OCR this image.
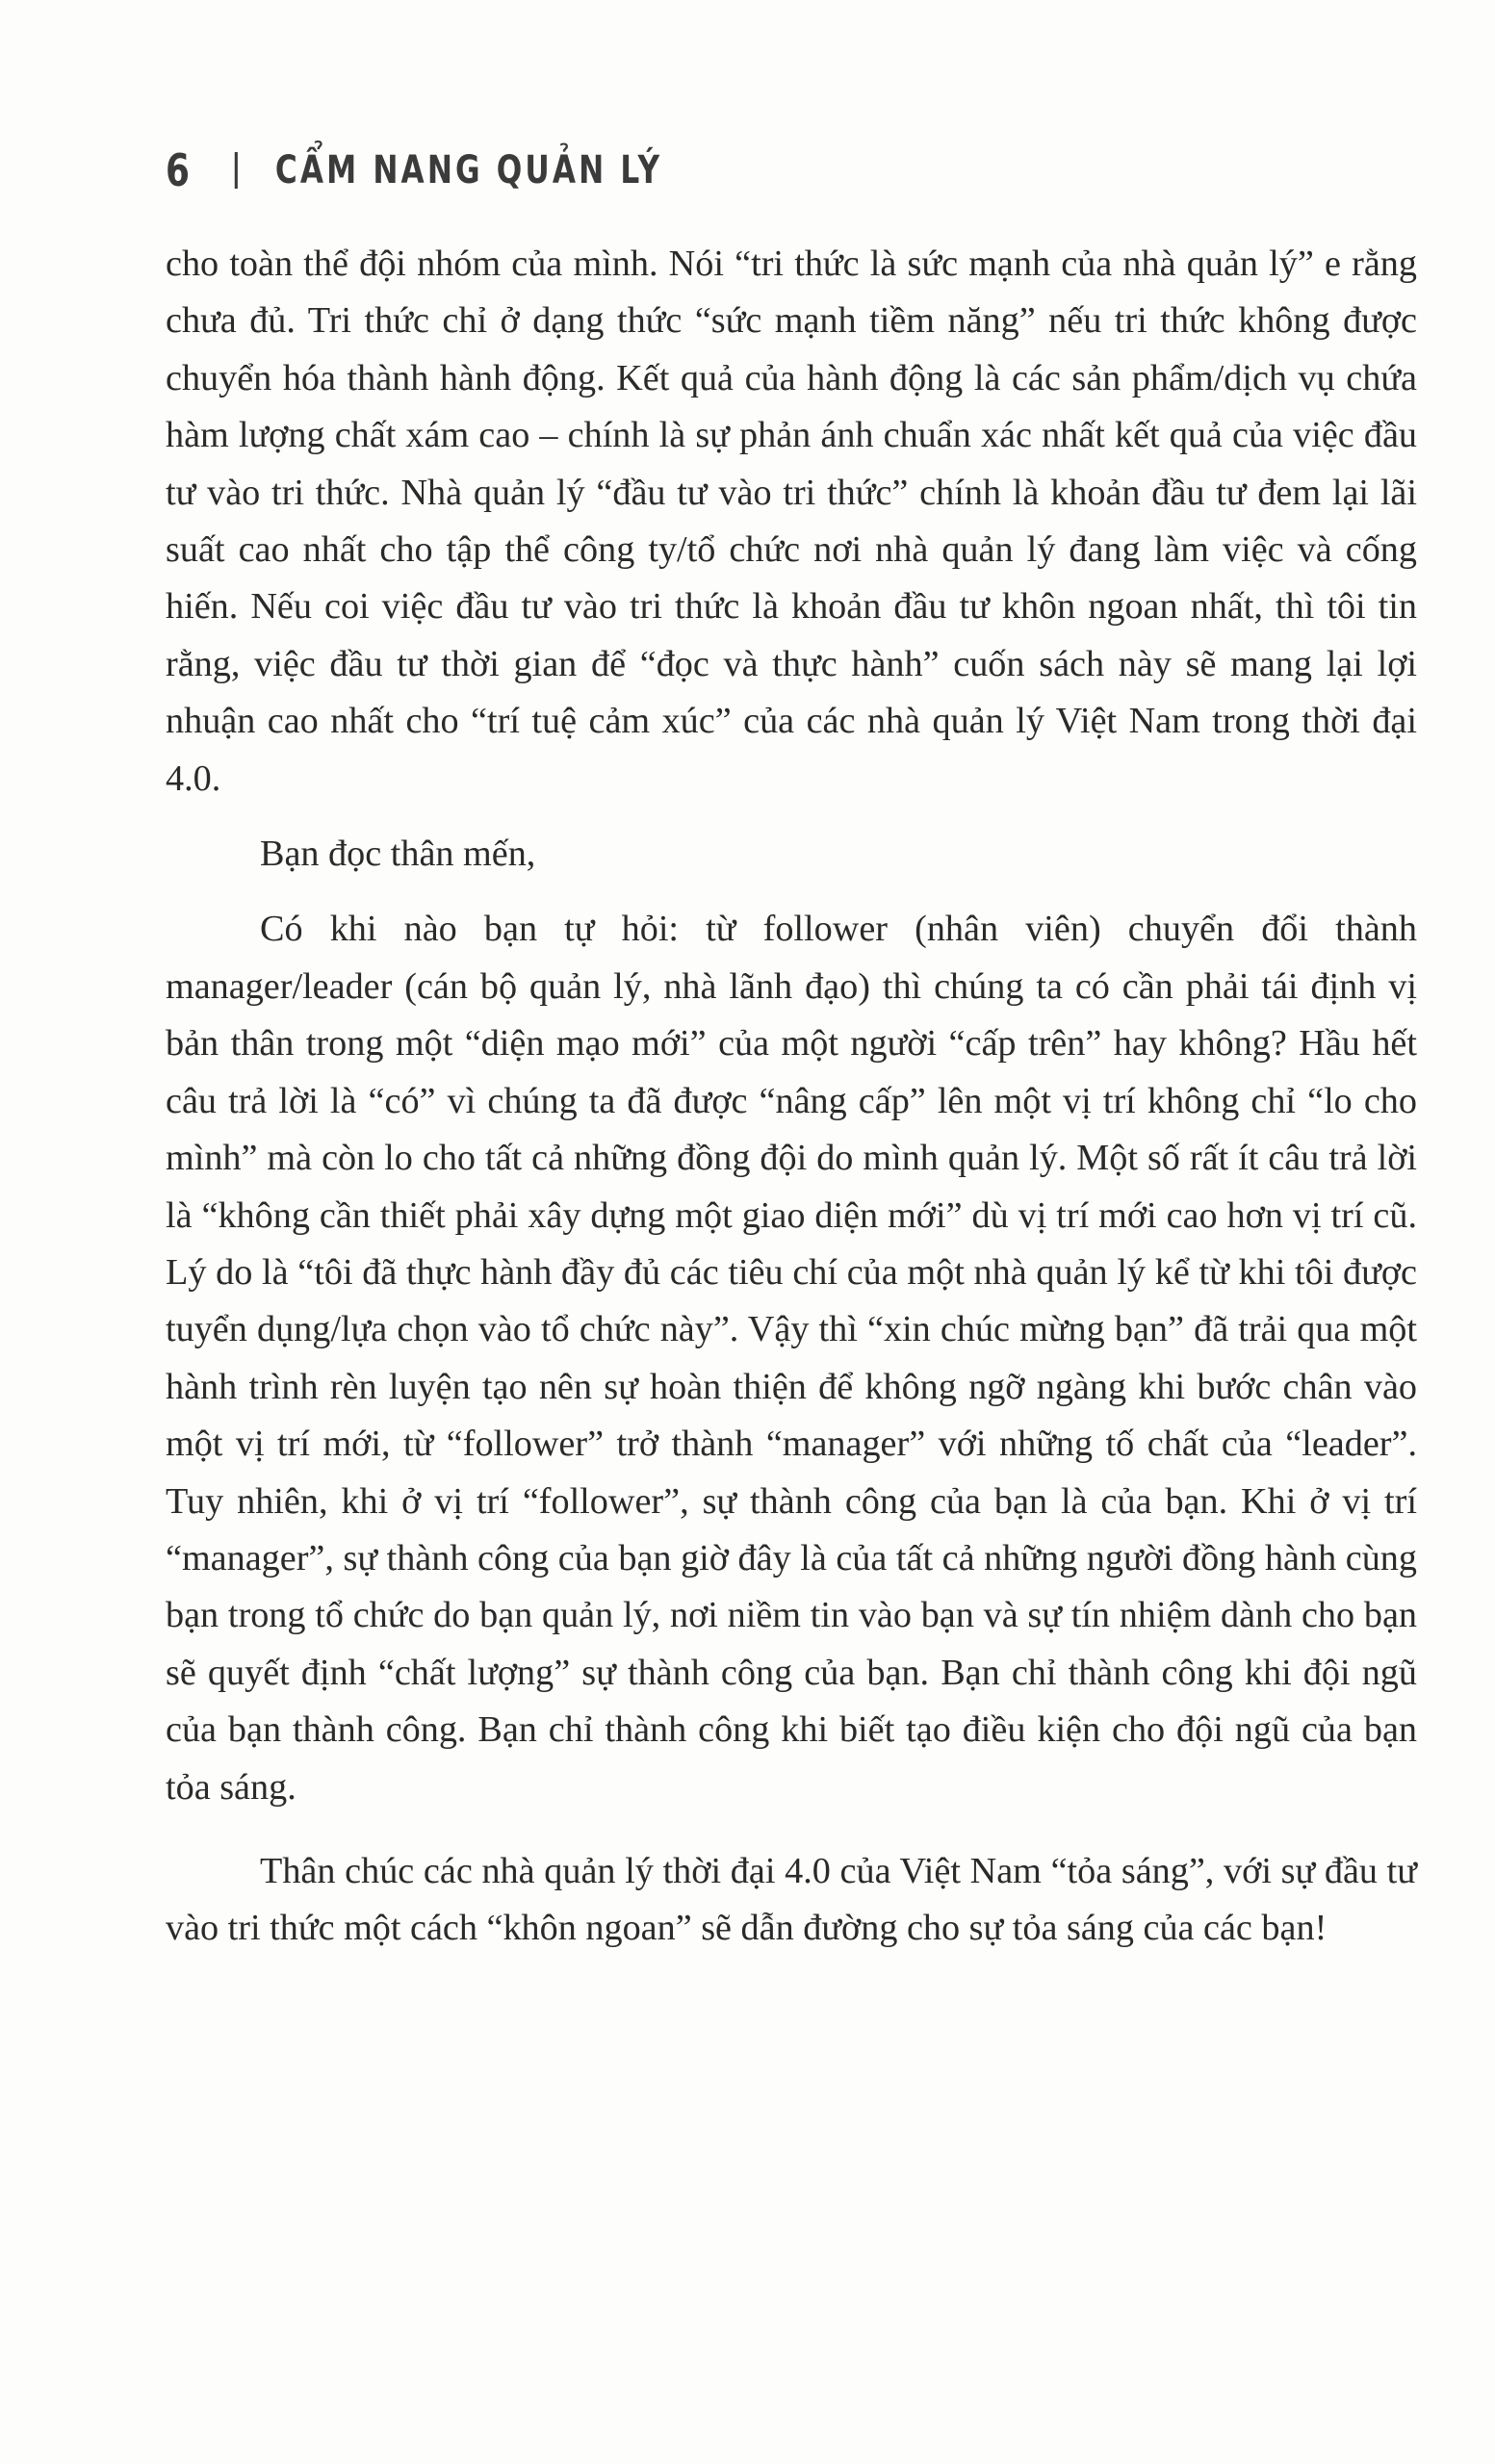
6 CẨM NANG QUẢN LÝ

cho toàn thể đội nhóm của mình. Nói “tri thức là sức mạnh của nhà quản lý” e rằng chưa đủ. Tri thức chỉ ở dạng thức “sức mạnh tiềm năng” nếu tri thức không được chuyển hóa thành hành động. Kết quả của hành động là các sản phẩm/dịch vụ chứa hàm lượng chất xám cao – chính là sự phản ánh chuẩn xác nhất kết quả của việc đầu tư vào tri thức. Nhà quản lý “đầu tư vào tri thức” chính là khoản đầu tư đem lại lãi suất cao nhất cho tập thể công ty/tổ chức nơi nhà quản lý đang làm việc và cống hiến. Nếu coi việc đầu tư vào tri thức là khoản đầu tư khôn ngoan nhất, thì tôi tin rằng, việc đầu tư thời gian để “đọc và thực hành” cuốn sách này sẽ mang lại lợi nhuận cao nhất cho “trí tuệ cảm xúc” của các nhà quản lý Việt Nam trong thời đại 4.0.

Bạn đọc thân mến,

Có khi nào bạn tự hỏi: từ follower (nhân viên) chuyển đổi thành manager/leader (cán bộ quản lý, nhà lãnh đạo) thì chúng ta có cần phải tái định vị bản thân trong một “diện mạo mới” của một người “cấp trên” hay không? Hầu hết câu trả lời là “có” vì chúng ta đã được “nâng cấp” lên một vị trí không chỉ “lo cho mình” mà còn lo cho tất cả những đồng đội do mình quản lý. Một số rất ít câu trả lời là “không cần thiết phải xây dựng một giao diện mới” dù vị trí mới cao hơn vị trí cũ. Lý do là “tôi đã thực hành đầy đủ các tiêu chí của một nhà quản lý kể từ khi tôi được tuyển dụng/lựa chọn vào tổ chức này”. Vậy thì “xin chúc mừng bạn” đã trải qua một hành trình rèn luyện tạo nên sự hoàn thiện để không ngỡ ngàng khi bước chân vào một vị trí mới, từ “follower” trở thành “manager” với những tố chất của “leader”. Tuy nhiên, khi ở vị trí “follower”, sự thành công của bạn là của bạn. Khi ở vị trí “manager”, sự thành công của bạn giờ đây là của tất cả những người đồng hành cùng bạn trong tổ chức do bạn quản lý, nơi niềm tin vào bạn và sự tín nhiệm dành cho bạn sẽ quyết định “chất lượng” sự thành công của bạn. Bạn chỉ thành công khi đội ngũ của bạn thành công. Bạn chỉ thành công khi biết tạo điều kiện cho đội ngũ của bạn tỏa sáng.

Thân chúc các nhà quản lý thời đại 4.0 của Việt Nam “tỏa sáng”, với sự đầu tư vào tri thức một cách “khôn ngoan” sẽ dẫn đường cho sự tỏa sáng của các bạn!
